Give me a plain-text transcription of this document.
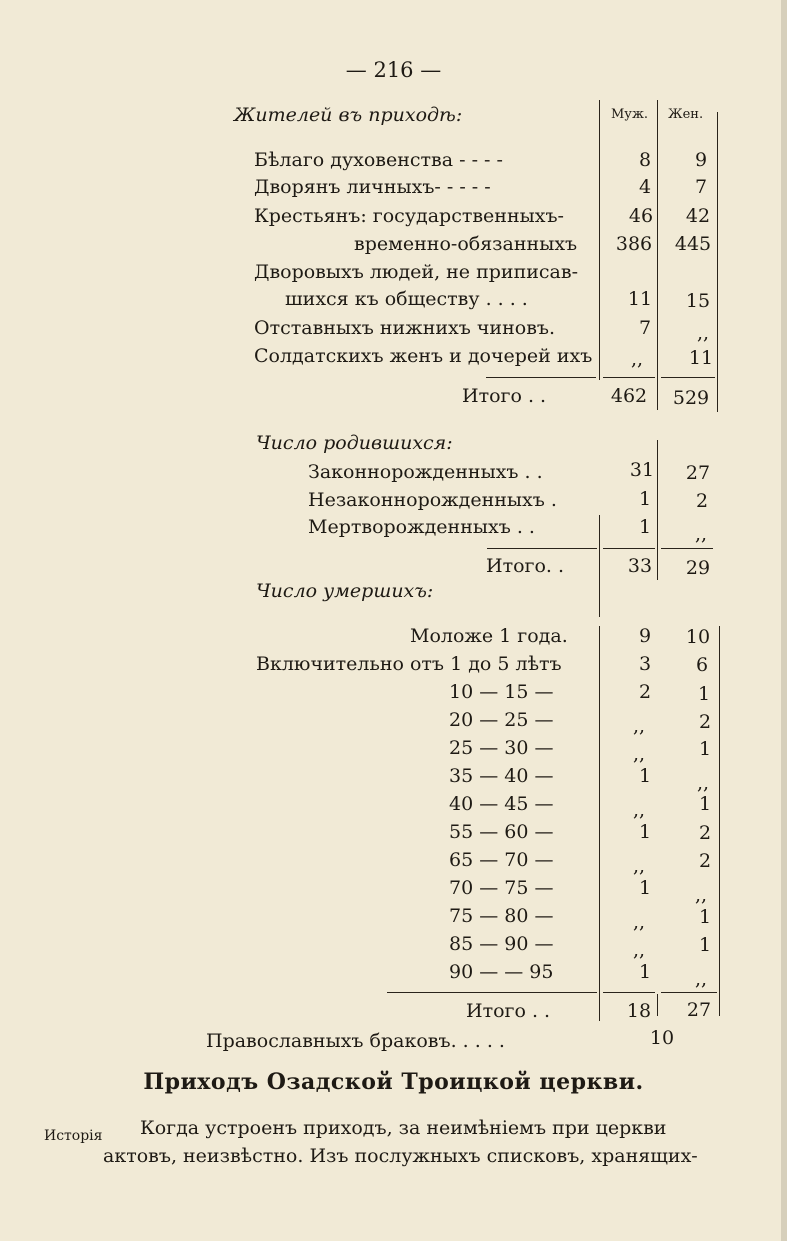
— 216 —
Жителей въ приходѣ:	Муж. Жен.
Бѣлаго духовенства - - - -	8	9
Дворянъ личныхъ- - - - -	4	7
Крестьянъ: государственныхъ-	46	42
временно-обязанныхъ	386	445
Дворовыхъ людей, не приписав-
шихся къ обществу . . . .	11	15
Отставныхъ нижнихъ чиновъ.	7	,,
Солдатскихъ женъ и дочерей ихъ	,,	11
Итого . .	462	529
Число родившихся:
Законнорожденныхъ . .	31	27
Незаконнорожденныхъ .	1	2
Мертворожденныхъ . .	1	,,
Итого. .	33	29
Число умершихъ:
Моложе 1 года.	9	10
Включительно отъ 1 до 5 лѣтъ	3	6
10 — 15 —	2	1
20 — 25 —	,,	2
25 — 30 —	,,	1
35 — 40 —	1	,,
40 — 45 —	,,	1
55 — 60 —	1	2
65 — 70 —	,,	2
70 — 75 —	1	,,
75 — 80 —	,,	1
85 — 90 —	,,	1
90 — — 95	1	,,
Итого . .	18	27
Православныхъ браковъ. . . . .	10
Приходъ Озадской Троицкой церкви.
Исторія Когда устроенъ приходъ, за неимѣніемъ при церкви
актовъ, неизвѣстно. Изъ послужныхъ списковъ, хранящих-
